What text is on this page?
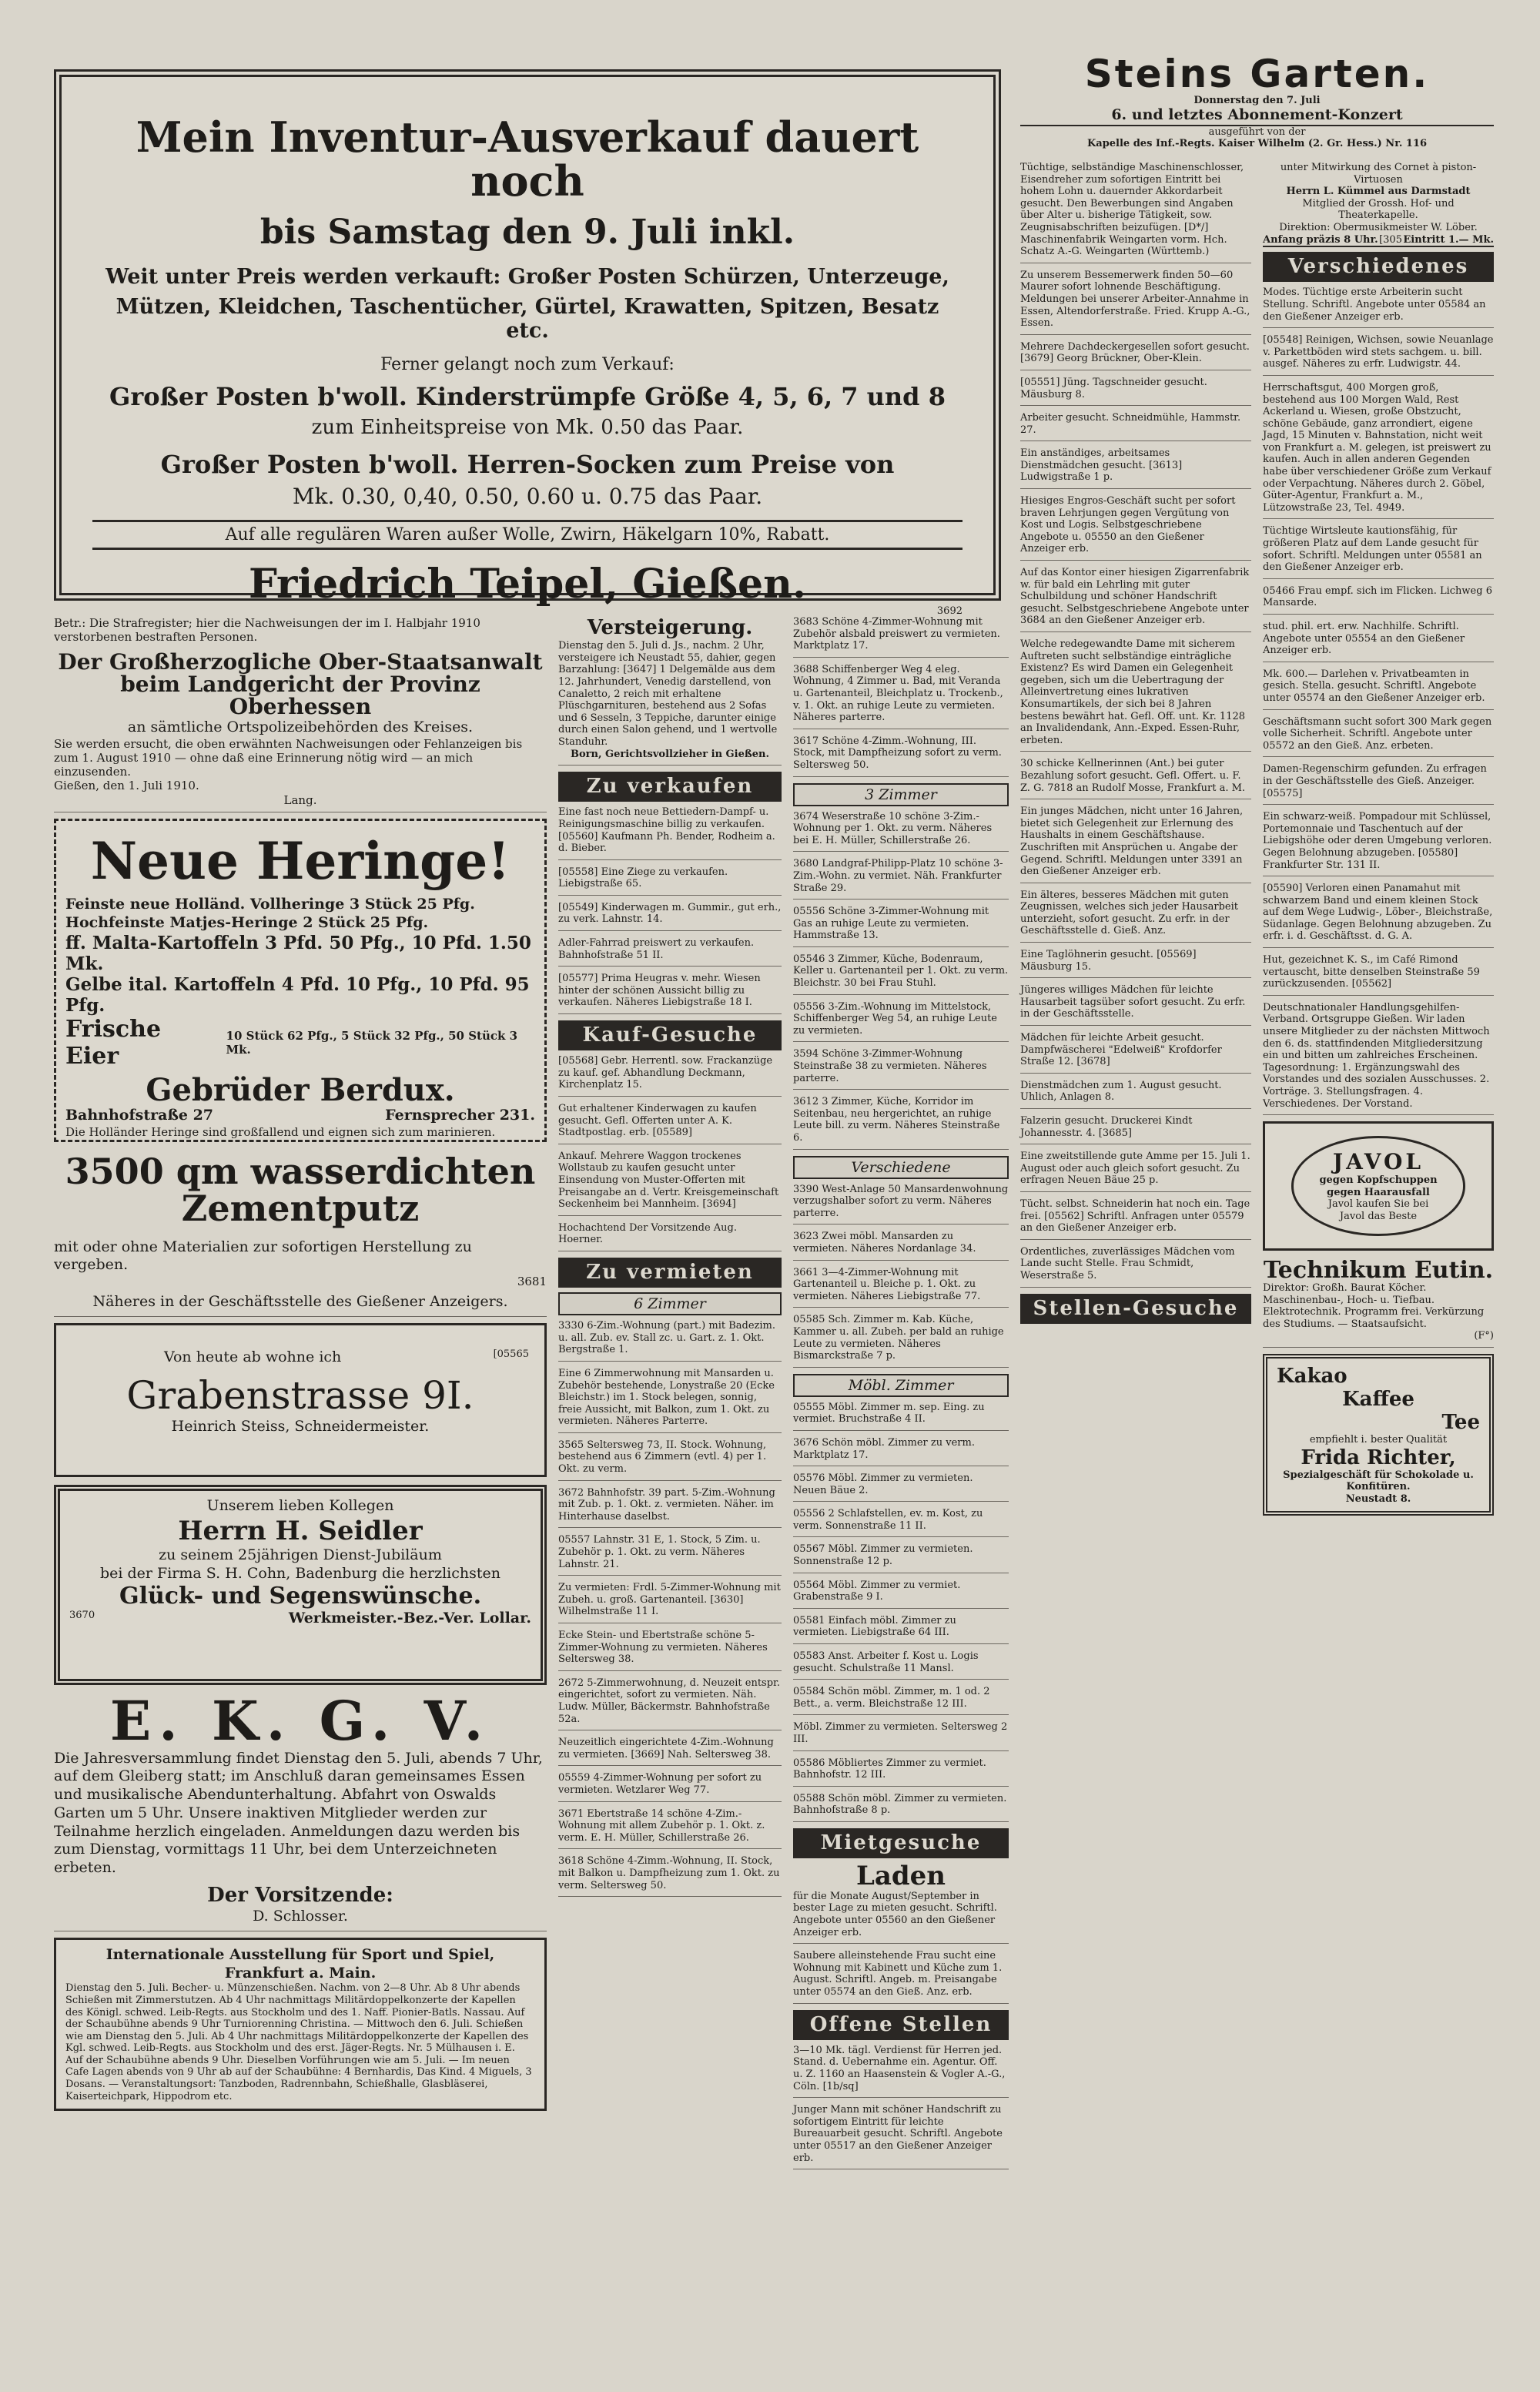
Mein Inventur-Ausverkauf dauert noch
bis Samstag den 9. Juli inkl.
Weit unter Preis werden verkauft: Großer Posten Schürzen, Unterzeuge,
Mützen, Kleidchen, Taschentücher, Gürtel, Krawatten, Spitzen, Besatz etc.
Ferner gelangt noch zum Verkauf:
Großer Posten b'woll. Kinderstrümpfe Größe 4, 5, 6, 7 und 8
zum Einheitspreise von Mk. 0.50 das Paar.
Großer Posten b'woll. Herren-Socken zum Preise von
Mk. 0.30, 0,40, 0.50, 0.60 u. 0.75 das Paar.
Auf alle regulären Waren außer Wolle, Zwirn, Häkelgarn 10%, Rabatt.
Friedrich Teipel, Gießen.
3692
Betr.: Die Strafregister; hier die Nachweisungen der im I. Halbjahr 1910 verstorbenen bestraften Personen.
Der Großherzogliche Ober-Staatsanwalt beim Landgericht der Provinz Oberhessen
an sämtliche Ortspolizeibehörden des Kreises.
Sie werden ersucht, die oben erwähnten Nachweisungen oder Fehlanzeigen bis zum 1. August 1910 — ohne daß eine Erinnerung nötig wird — an mich einzusenden.
Gießen, den 1. Juli 1910.
Lang.
Neue Heringe!
Feinste neue Holländ. Vollheringe 3 Stück 25 Pfg.
Hochfeinste Matjes-Heringe 2 Stück 25 Pfg.
ff. Malta-Kartoffeln 3 Pfd. 50 Pfg., 10 Pfd. 1.50 Mk.
Gelbe ital. Kartoffeln 4 Pfd. 10 Pfg., 10 Pfd. 95 Pfg.
Frische Eier
10 Stück 62 Pfg., 5 Stück 32 Pfg., 50 Stück 3 Mk.
Gebrüder Berdux.
Bahnhofstraße 27	Fernsprecher 231.
Die Holländer Heringe sind großfallend und eignen sich zum marinieren.
3500 qm wasserdichten Zementputz
mit oder ohne Materialien zur sofortigen Herstellung zu vergeben.
3681
Näheres in der Geschäftsstelle des Gießener Anzeigers.
Von heute ab wohne ich	[05565
Grabenstrasse 9I.
Heinrich Steiss, Schneidermeister.
Unserem lieben Kollegen
Herrn H. Seidler
zu seinem 25jährigen Dienst-Jubiläum
bei der Firma S. H. Cohn, Badenburg die herzlichsten
Glück- und Segenswünsche.
3670	Werkmeister.-Bez.-Ver. Lollar.
E. K. G. V.
Die Jahresversammlung findet Dienstag den 5. Juli, abends 7 Uhr, auf dem Gleiberg statt; im Anschluß daran gemeinsames Essen und musikalische Abendunterhaltung. Abfahrt von Oswalds Garten um 5 Uhr. Unsere inaktiven Mitglieder werden zur Teilnahme herzlich eingeladen. Anmeldungen dazu werden bis zum Dienstag, vormittags 11 Uhr, bei dem Unterzeichneten erbeten.
Der Vorsitzende:
D. Schlosser.
Internationale Ausstellung für Sport und Spiel, Frankfurt a. Main.
Dienstag den 5. Juli. Becher- u. Münzenschießen. Nachm. von 2—8 Uhr. Ab 8 Uhr abends Schießen mit Zimmerstutzen. Ab 4 Uhr nachmittags Militärdoppelkonzerte der Kapellen des Königl. schwed. Leib-Regts. aus Stockholm und des 1. Naff. Pionier-Batls. Nassau. Auf der Schaubühne abends 9 Uhr Turniorenning Christina. — Mittwoch den 6. Juli. Schießen wie am Dienstag den 5. Juli. Ab 4 Uhr nachmittags Militärdoppelkonzerte der Kapellen des Kgl. schwed. Leib-Regts. aus Stockholm und des erst. Jäger-Regts. Nr. 5 Mülhausen i. E. Auf der Schaubühne abends 9 Uhr. Dieselben Vorführungen wie am 5. Juli. — Im neuen Cafe Lagen abends von 9 Uhr ab auf der Schaubühne: 4 Bernhardis, Das Kind. 4 Miguels, 3 Dosans. — Veranstaltungsort: Tanzboden, Radrennbahn, Schießhalle, Glasbläserei, Kaiserteichpark, Hippodrom etc.
Versteigerung.
Dienstag den 5. Juli d. Js., nachm. 2 Uhr, versteigere ich Neustadt 55, dahier, gegen Barzahlung: [3647] 1 Delgemälde aus dem 12. Jahrhundert, Venedig darstellend, von Canaletto, 2 reich mit erhaltene Plüschgarnituren, bestehend aus 2 Sofas und 6 Sesseln, 3 Teppiche, darunter einige durch einen Salon gehend, und 1 wertvolle Standuhr.
Born, Gerichtsvollzieher in Gießen.
Zu verkaufen
Eine fast noch neue Bettiedern-Dampf- u. Reinigungsmaschine billig zu verkaufen. [05560] Kaufmann Ph. Bender, Rodheim a. d. Bieber.
[05558] Eine Ziege zu verkaufen. Liebigstraße 65.
[05549] Kinderwagen m. Gummir., gut erh., zu verk. Lahnstr. 14.
Adler-Fahrrad preiswert zu verkaufen. Bahnhofstraße 51 II.
[05577] Prima Heugras v. mehr. Wiesen hinter der schönen Aussicht billig zu verkaufen. Näheres Liebigstraße 18 I.
Kauf-Gesuche
[05568] Gebr. Herrentl. sow. Frackanzüge zu kauf. gef. Abhandlung Deckmann, Kirchenplatz 15.
Gut erhaltener Kinderwagen zu kaufen gesucht. Gefl. Offerten unter A. K. Stadtpostlag. erb. [05589]
Ankauf. Mehrere Waggon trockenes Wollstaub zu kaufen gesucht unter Einsendung von Muster-Offerten mit Preisangabe an d. Vertr. Kreisgemeinschaft Seckenheim bei Mannheim. [3694]
Hochachtend Der Vorsitzende Aug. Hoerner.
Zu vermieten
6 Zimmer
3330 6-Zim.-Wohnung (part.) mit Badezim. u. all. Zub. ev. Stall zc. u. Gart. z. 1. Okt. Bergstraße 1.
Eine 6 Zimmerwohnung mit Mansarden u. Zubehör bestehende, Lonystraße 20 (Ecke Bleichstr.) im 1. Stock belegen, sonnig, freie Aussicht, mit Balkon, zum 1. Okt. zu vermieten. Näheres Parterre.
3565 Seltersweg 73, II. Stock. Wohnung, bestehend aus 6 Zimmern (evtl. 4) per 1. Okt. zu verm.
3672 Bahnhofstr. 39 part. 5-Zim.-Wohnung mit Zub. p. 1. Okt. z. vermieten. Näher. im Hinterhause daselbst.
05557 Lahnstr. 31 E, 1. Stock, 5 Zim. u. Zubehör p. 1. Okt. zu verm. Näheres Lahnstr. 21.
Zu vermieten: Frdl. 5-Zimmer-Wohnung mit Zubeh. u. groß. Gartenanteil. [3630] Wilhelmstraße 11 I.
Ecke Stein- und Ebertstraße schöne 5-Zimmer-Wohnung zu vermieten. Näheres Seltersweg 38.
2672 5-Zimmerwohnung, d. Neuzeit entspr. eingerichtet, sofort zu vermieten. Näh. Ludw. Müller, Bäckermstr. Bahnhofstraße 52a.
Neuzeitlich eingerichtete 4-Zim.-Wohnung zu vermieten. [3669] Nah. Seltersweg 38.
05559 4-Zimmer-Wohnung per sofort zu vermieten. Wetzlarer Weg 77.
3671 Ebertstraße 14 schöne 4-Zim.-Wohnung mit allem Zubehör p. 1. Okt. z. verm. E. H. Müller, Schillerstraße 26.
3618 Schöne 4-Zimm.-Wohnung, II. Stock, mit Balkon u. Dampfheizung zum 1. Okt. zu verm. Seltersweg 50.
3683 Schöne 4-Zimmer-Wohnung mit Zubehör alsbald preiswert zu vermieten. Marktplatz 17.
3688 Schiffenberger Weg 4 eleg. Wohnung, 4 Zimmer u. Bad, mit Veranda u. Gartenanteil, Bleichplatz u. Trockenb., v. 1. Okt. an ruhige Leute zu vermieten. Näheres parterre.
3617 Schöne 4-Zimm.-Wohnung, III. Stock, mit Dampfheizung sofort zu verm. Seltersweg 50.
3 Zimmer
3674 Weserstraße 10 schöne 3-Zim.-Wohnung per 1. Okt. zu verm. Näheres bei E. H. Müller, Schillerstraße 26.
3680 Landgraf-Philipp-Platz 10 schöne 3-Zim.-Wohn. zu vermiet. Näh. Frankfurter Straße 29.
05556 Schöne 3-Zimmer-Wohnung mit Gas an ruhige Leute zu vermieten. Hammstraße 13.
05546 3 Zimmer, Küche, Bodenraum, Keller u. Gartenanteil per 1. Okt. zu verm. Bleichstr. 30 bei Frau Stuhl.
05556 3-Zim.-Wohnung im Mittelstock, Schiffenberger Weg 54, an ruhige Leute zu vermieten.
3594 Schöne 3-Zimmer-Wohnung Steinstraße 38 zu vermieten. Näheres parterre.
3612 3 Zimmer, Küche, Korridor im Seitenbau, neu hergerichtet, an ruhige Leute bill. zu verm. Näheres Steinstraße 6.
Verschiedene
3390 West-Anlage 50 Mansardenwohnung verzugshalber sofort zu verm. Näheres parterre.
3623 Zwei möbl. Mansarden zu vermieten. Näheres Nordanlage 34.
3661 3—4-Zimmer-Wohnung mit Gartenanteil u. Bleiche p. 1. Okt. zu vermieten. Näheres Liebigstraße 77.
05585 Sch. Zimmer m. Kab. Küche, Kammer u. all. Zubeh. per bald an ruhige Leute zu vermieten. Näheres Bismarckstraße 7 p.
Möbl. Zimmer
05555 Möbl. Zimmer m. sep. Eing. zu vermiet. Bruchstraße 4 II.
3676 Schön möbl. Zimmer zu verm. Marktplatz 17.
05576 Möbl. Zimmer zu vermieten. Neuen Bäue 2.
05556 2 Schlafstellen, ev. m. Kost, zu verm. Sonnenstraße 11 II.
05567 Möbl. Zimmer zu vermieten. Sonnenstraße 12 p.
05564 Möbl. Zimmer zu vermiet. Grabenstraße 9 I.
05581 Einfach möbl. Zimmer zu vermieten. Liebigstraße 64 III.
05583 Anst. Arbeiter f. Kost u. Logis gesucht. Schulstraße 11 Mansl.
05584 Schön möbl. Zimmer, m. 1 od. 2 Bett., a. verm. Bleichstraße 12 III.
Möbl. Zimmer zu vermieten. Seltersweg 2 III.
05586 Möbliertes Zimmer zu vermiet. Bahnhofstr. 12 III.
05588 Schön möbl. Zimmer zu vermieten. Bahnhofstraße 8 p.
Mietgesuche
Laden
für die Monate August/September in bester Lage zu mieten gesucht. Schriftl. Angebote unter 05560 an den Gießener Anzeiger erb.
Saubere alleinstehende Frau sucht eine Wohnung mit Kabinett und Küche zum 1. August. Schriftl. Angeb. m. Preisangabe unter 05574 an den Gieß. Anz. erb.
Offene Stellen
3—10 Mk. tägl. Verdienst für Herren jed. Stand. d. Uebernahme ein. Agentur. Off. u. Z. 1160 an Haasenstein & Vogler A.-G., Cöln. [1b/sq]
Junger Mann mit schöner Handschrift zu sofortigem Eintritt für leichte Bureauarbeit gesucht. Schriftl. Angebote unter 05517 an den Gießener Anzeiger erb.
Tüchtige, selbständige Maschinenschlosser, Eisendreher zum sofortigen Eintritt bei hohem Lohn u. dauernder Akkordarbeit gesucht. Den Bewerbungen sind Angaben über Alter u. bisherige Tätigkeit, sow. Zeugnisabschriften beizufügen. [D*/] Maschinenfabrik Weingarten vorm. Hch. Schatz A.-G. Weingarten (Württemb.)
Zu unserem Bessemerwerk finden 50—60 Maurer sofort lohnende Beschäftigung. Meldungen bei unserer Arbeiter-Annahme in Essen, Altendorferstraße. Fried. Krupp A.-G., Essen.
Mehrere Dachdeckergesellen sofort gesucht. [3679] Georg Brückner, Ober-Klein.
[05551] Jüng. Tagschneider gesucht. Mäusburg 8.
Arbeiter gesucht. Schneidmühle, Hammstr. 27.
Ein anständiges, arbeitsames Dienstmädchen gesucht. [3613] Ludwigstraße 1 p.
Hiesiges Engros-Geschäft sucht per sofort braven Lehrjungen gegen Vergütung von Kost und Logis. Selbstgeschriebene Angebote u. 05550 an den Gießener Anzeiger erb.
Auf das Kontor einer hiesigen Zigarrenfabrik w. für bald ein Lehrling mit guter Schulbildung und schöner Handschrift gesucht. Selbstgeschriebene Angebote unter 3684 an den Gießener Anzeiger erb.
Welche redegewandte Dame mit sicherem Auftreten sucht selbständige einträgliche Existenz? Es wird Damen ein Gelegenheit gegeben, sich um die Uebertragung der Alleinvertretung eines lukrativen Konsumartikels, der sich bei 8 Jahren bestens bewährt hat. Gefl. Off. unt. Kr. 1128 an Invalidendank, Ann.-Exped. Essen-Ruhr, erbeten.
30 schicke Kellnerinnen (Ant.) bei guter Bezahlung sofort gesucht. Gefl. Offert. u. F. Z. G. 7818 an Rudolf Mosse, Frankfurt a. M.
Ein junges Mädchen, nicht unter 16 Jahren, bietet sich Gelegenheit zur Erlernung des Haushalts in einem Geschäftshause. Zuschriften mit Ansprüchen u. Angabe der Gegend. Schriftl. Meldungen unter 3391 an den Gießener Anzeiger erb.
Ein älteres, besseres Mädchen mit guten Zeugnissen, welches sich jeder Hausarbeit unterzieht, sofort gesucht. Zu erfr. in der Geschäftsstelle d. Gieß. Anz.
Eine Taglöhnerin gesucht. [05569] Mäusburg 15.
Jüngeres williges Mädchen für leichte Hausarbeit tagsüber sofort gesucht. Zu erfr. in der Geschäftsstelle.
Mädchen für leichte Arbeit gesucht. Dampfwäscherei "Edelweiß" Krofdorfer Straße 12. [3678]
Dienstmädchen zum 1. August gesucht. Uhlich, Anlagen 8.
Falzerin gesucht. Druckerei Kindt Johannesstr. 4. [3685]
Eine zweitstillende gute Amme per 15. Juli 1. August oder auch gleich sofort gesucht. Zu erfragen Neuen Bäue 25 p.
Tücht. selbst. Schneiderin hat noch ein. Tage frei. [05562] Schriftl. Anfragen unter 05579 an den Gießener Anzeiger erb.
Ordentliches, zuverlässiges Mädchen vom Lande sucht Stelle. Frau Schmidt, Weserstraße 5.
Stellen-Gesuche
Steins Garten.
Donnerstag den 7. Juli
6. und letztes Abonnement-Konzert
ausgeführt von der
Kapelle des Inf.-Regts. Kaiser Wilhelm (2. Gr. Hess.) Nr. 116
unter Mitwirkung des Cornet à piston-Virtuosen
Herrn L. Kümmel aus Darmstadt
Mitglied der Grossh. Hof- und Theaterkapelle.
Direktion: Obermusikmeister W. Löber.
Anfang präzis 8 Uhr. [305 Eintritt 1.— Mk.
Verschiedenes
Modes. Tüchtige erste Arbeiterin sucht Stellung. Schriftl. Angebote unter 05584 an den Gießener Anzeiger erb.
[05548] Reinigen, Wichsen, sowie Neuanlage v. Parkettböden wird stets sachgem. u. bill. ausgef. Näheres zu erfr. Ludwigstr. 44.
Herrschaftsgut, 400 Morgen groß, bestehend aus 100 Morgen Wald, Rest Ackerland u. Wiesen, große Obstzucht, schöne Gebäude, ganz arrondiert, eigene Jagd, 15 Minuten v. Bahnstation, nicht weit von Frankfurt a. M. gelegen, ist preiswert zu kaufen. Auch in allen anderen Gegenden habe über verschiedener Größe zum Verkauf oder Verpachtung. Näheres durch 2. Göbel, Güter-Agentur, Frankfurt a. M., Lützowstraße 23, Tel. 4949.
Tüchtige Wirtsleute kautionsfähig, für größeren Platz auf dem Lande gesucht für sofort. Schriftl. Meldungen unter 05581 an den Gießener Anzeiger erb.
05466 Frau empf. sich im Flicken. Lichweg 6 Mansarde.
stud. phil. ert. erw. Nachhilfe. Schriftl. Angebote unter 05554 an den Gießener Anzeiger erb.
Mk. 600.— Darlehen v. Privatbeamten in gesich. Stella. gesucht. Schriftl. Angebote unter 05574 an den Gießener Anzeiger erb.
Geschäftsmann sucht sofort 300 Mark gegen volle Sicherheit. Schriftl. Angebote unter 05572 an den Gieß. Anz. erbeten.
Damen-Regenschirm gefunden. Zu erfragen in der Geschäftsstelle des Gieß. Anzeiger. [05575]
Ein schwarz-weiß. Pompadour mit Schlüssel, Portemonnaie und Taschentuch auf der Liebigshöhe oder deren Umgebung verloren. Gegen Belohnung abzugeben. [05580] Frankfurter Str. 131 II.
[05590] Verloren einen Panamahut mit schwarzem Band und einem kleinen Stock auf dem Wege Ludwig-, Löber-, Bleichstraße, Südanlage. Gegen Belohnung abzugeben. Zu erfr. i. d. Geschäftsst. d. G. A.
Hut, gezeichnet K. S., im Café Rimond vertauscht, bitte denselben Steinstraße 59 zurückzusenden. [05562]
Deutschnationaler Handlungsgehilfen-Verband. Ortsgruppe Gießen. Wir laden unsere Mitglieder zu der nächsten Mittwoch den 6. ds. stattfindenden Mitgliedersitzung ein und bitten um zahlreiches Erscheinen. Tagesordnung: 1. Ergänzungswahl des Vorstandes und des sozialen Ausschusses. 2. Vorträge. 3. Stellungsfragen. 4. Verschiedenes. Der Vorstand.
JAVOL
gegen Kopfschuppen
gegen Haarausfall
Javol kaufen Sie bei
Javol das Beste
Technikum Eutin.
Direktor: Großh. Baurat Köcher. Maschinenbau-, Hoch- u. Tiefbau. Elektrotechnik. Programm frei. Verkürzung des Studiums. — Staatsaufsicht.
(F°)
Kakao
Kaffee
Tee
empfiehlt i. bester Qualität
Frida Richter,
Spezialgeschäft für Schokolade u. Konfitüren.
Neustadt 8.
